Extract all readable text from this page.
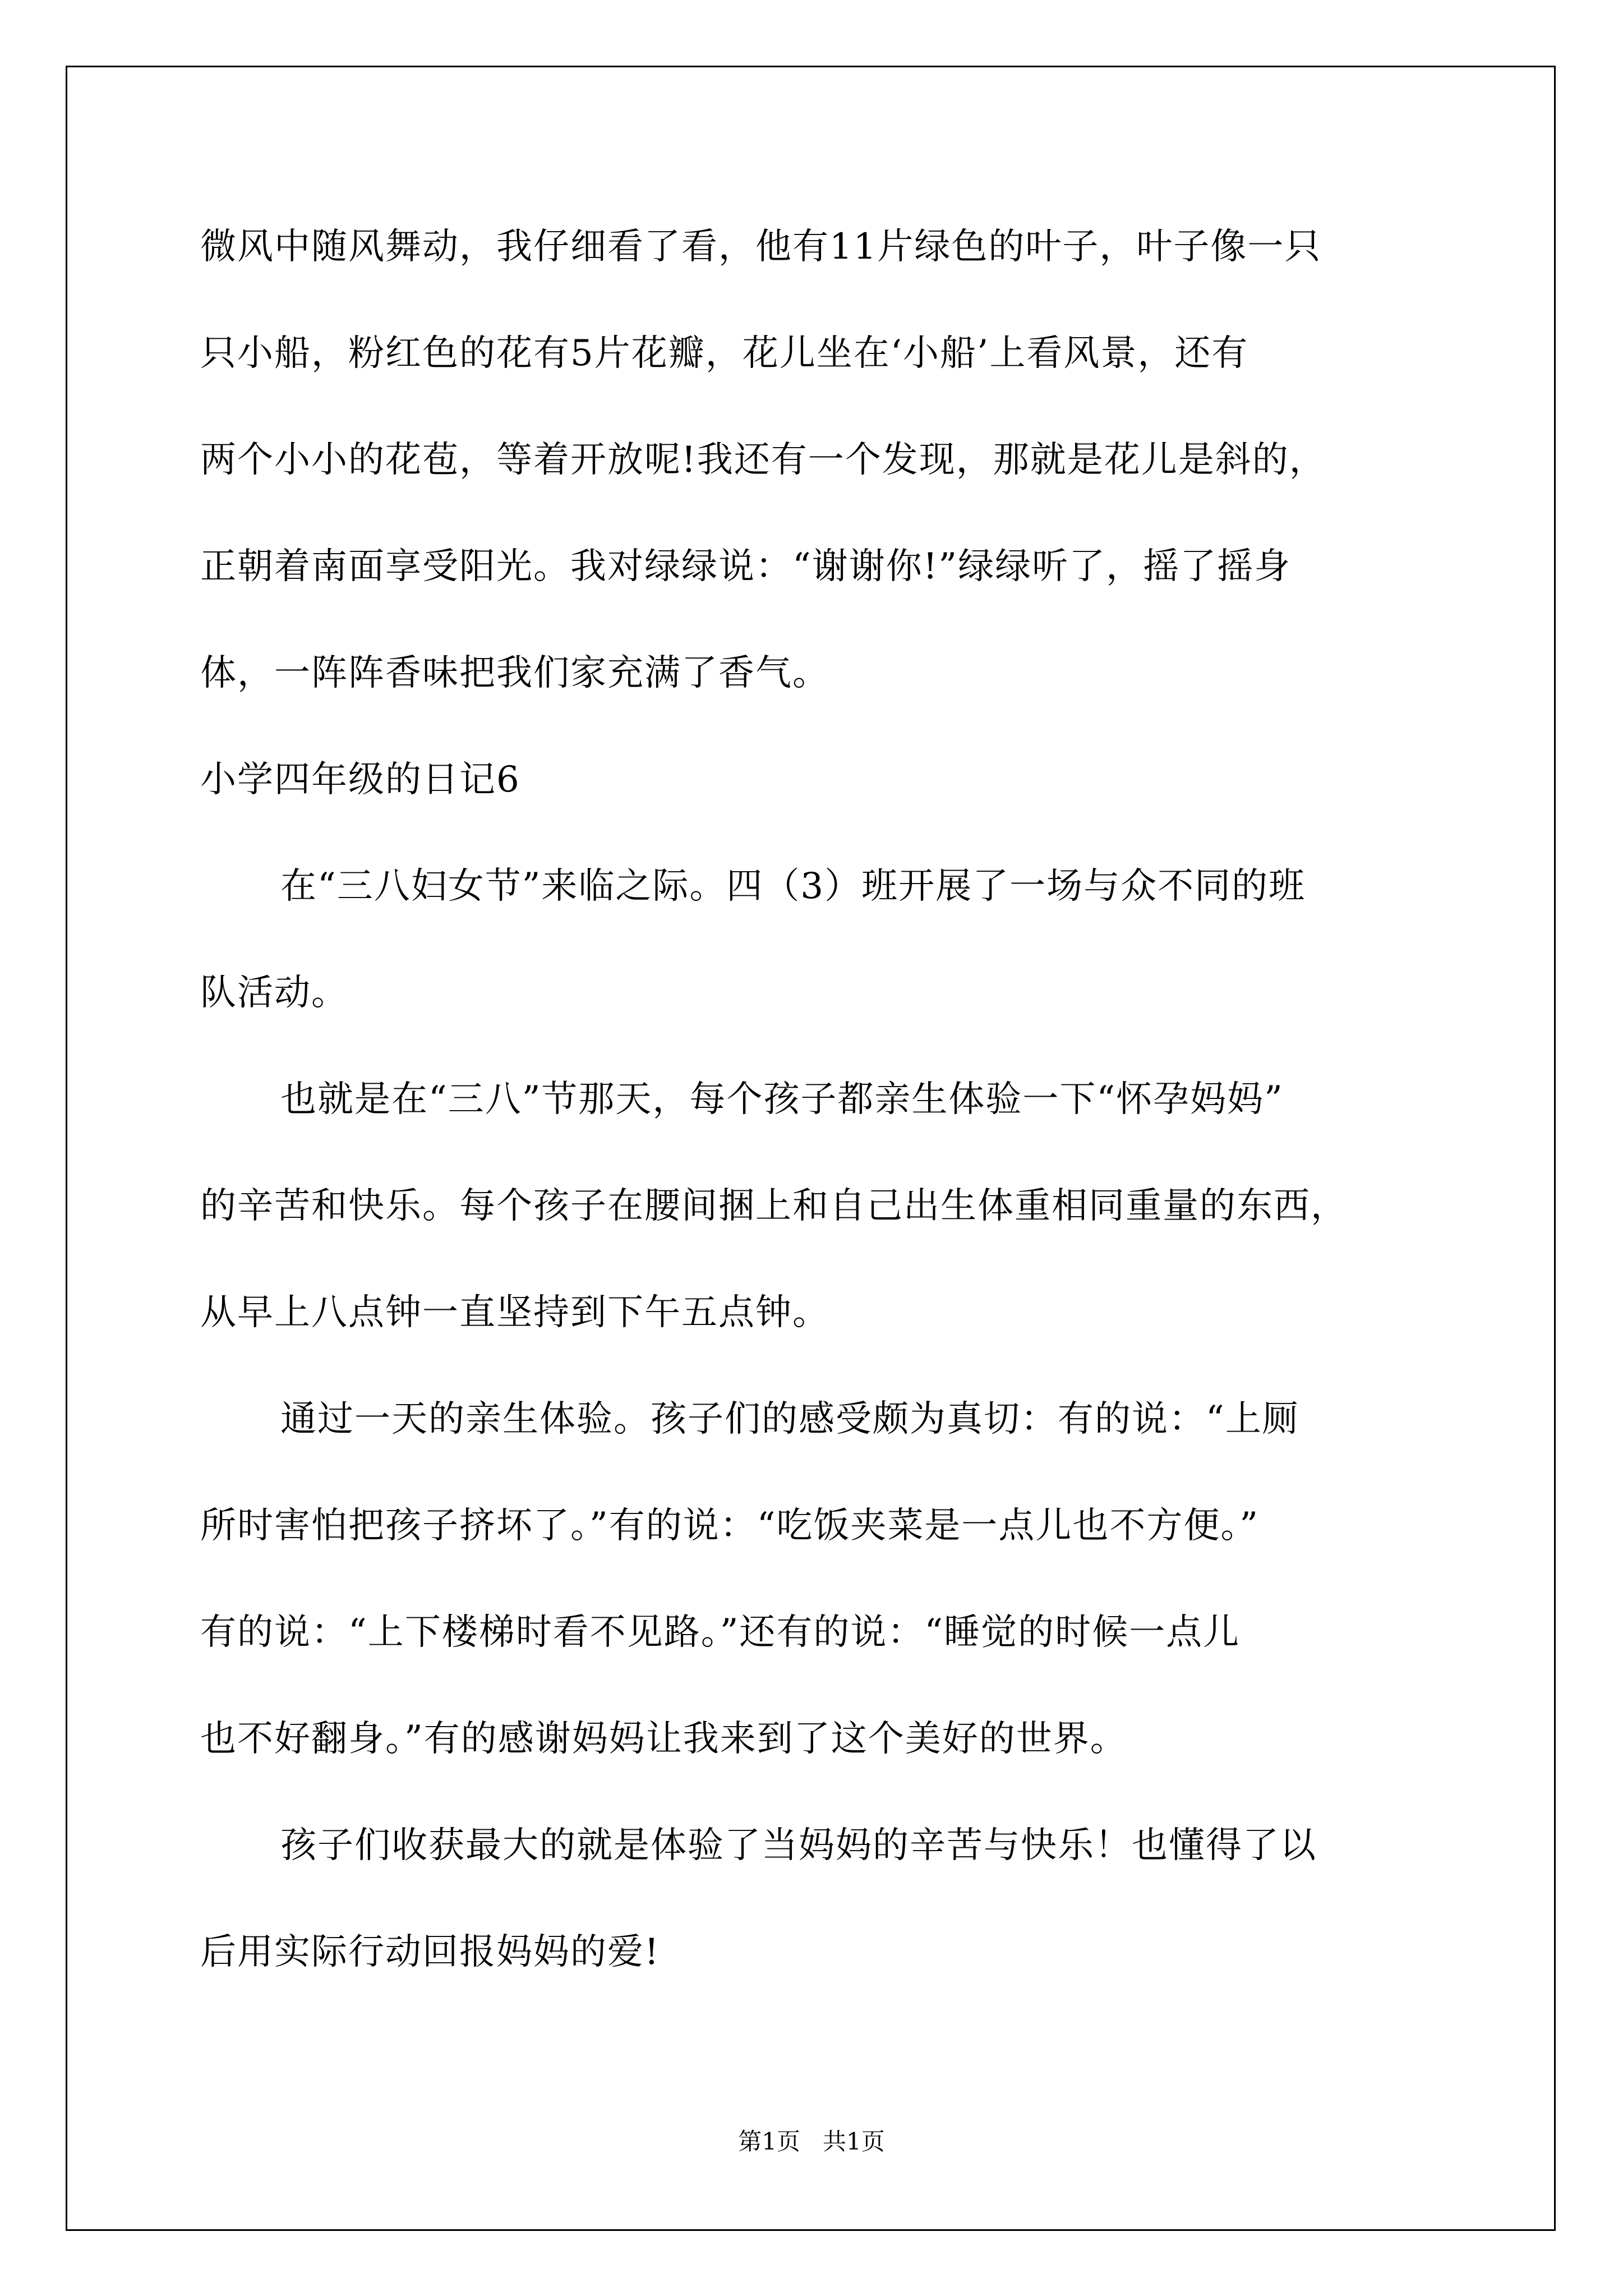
微风中随风舞动，我仔细看了看，他有11片绿色的叶子，叶子像一只
只小船，粉红色的花有5片花瓣，花儿坐在‘小船’上看风景，还有
两个小小的花苞，等着开放呢!我还有一个发现，那就是花儿是斜的，
正朝着南面享受阳光。我对绿绿说：“谢谢你!”绿绿听了，摇了摇身
体，一阵阵香味把我们家充满了香气。
小学四年级的日记6
在“三八妇女节”来临之际。四（3）班开展了一场与众不同的班
队活动。
也就是在“三八”节那天，每个孩子都亲生体验一下“怀孕妈妈”
的辛苦和快乐。每个孩子在腰间捆上和自己出生体重相同重量的东西，
从早上八点钟一直坚持到下午五点钟。
通过一天的亲生体验。孩子们的感受颇为真切：有的说：“上厕
所时害怕把孩子挤坏了。”有的说：“吃饭夹菜是一点儿也不方便。”
有的说：“上下楼梯时看不见路。”还有的说：“睡觉的时候一点儿
也不好翻身。”有的感谢妈妈让我来到了这个美好的世界。
孩子们收获最大的就是体验了当妈妈的辛苦与快乐！也懂得了以
后用实际行动回报妈妈的爱!
第1页   共1页
